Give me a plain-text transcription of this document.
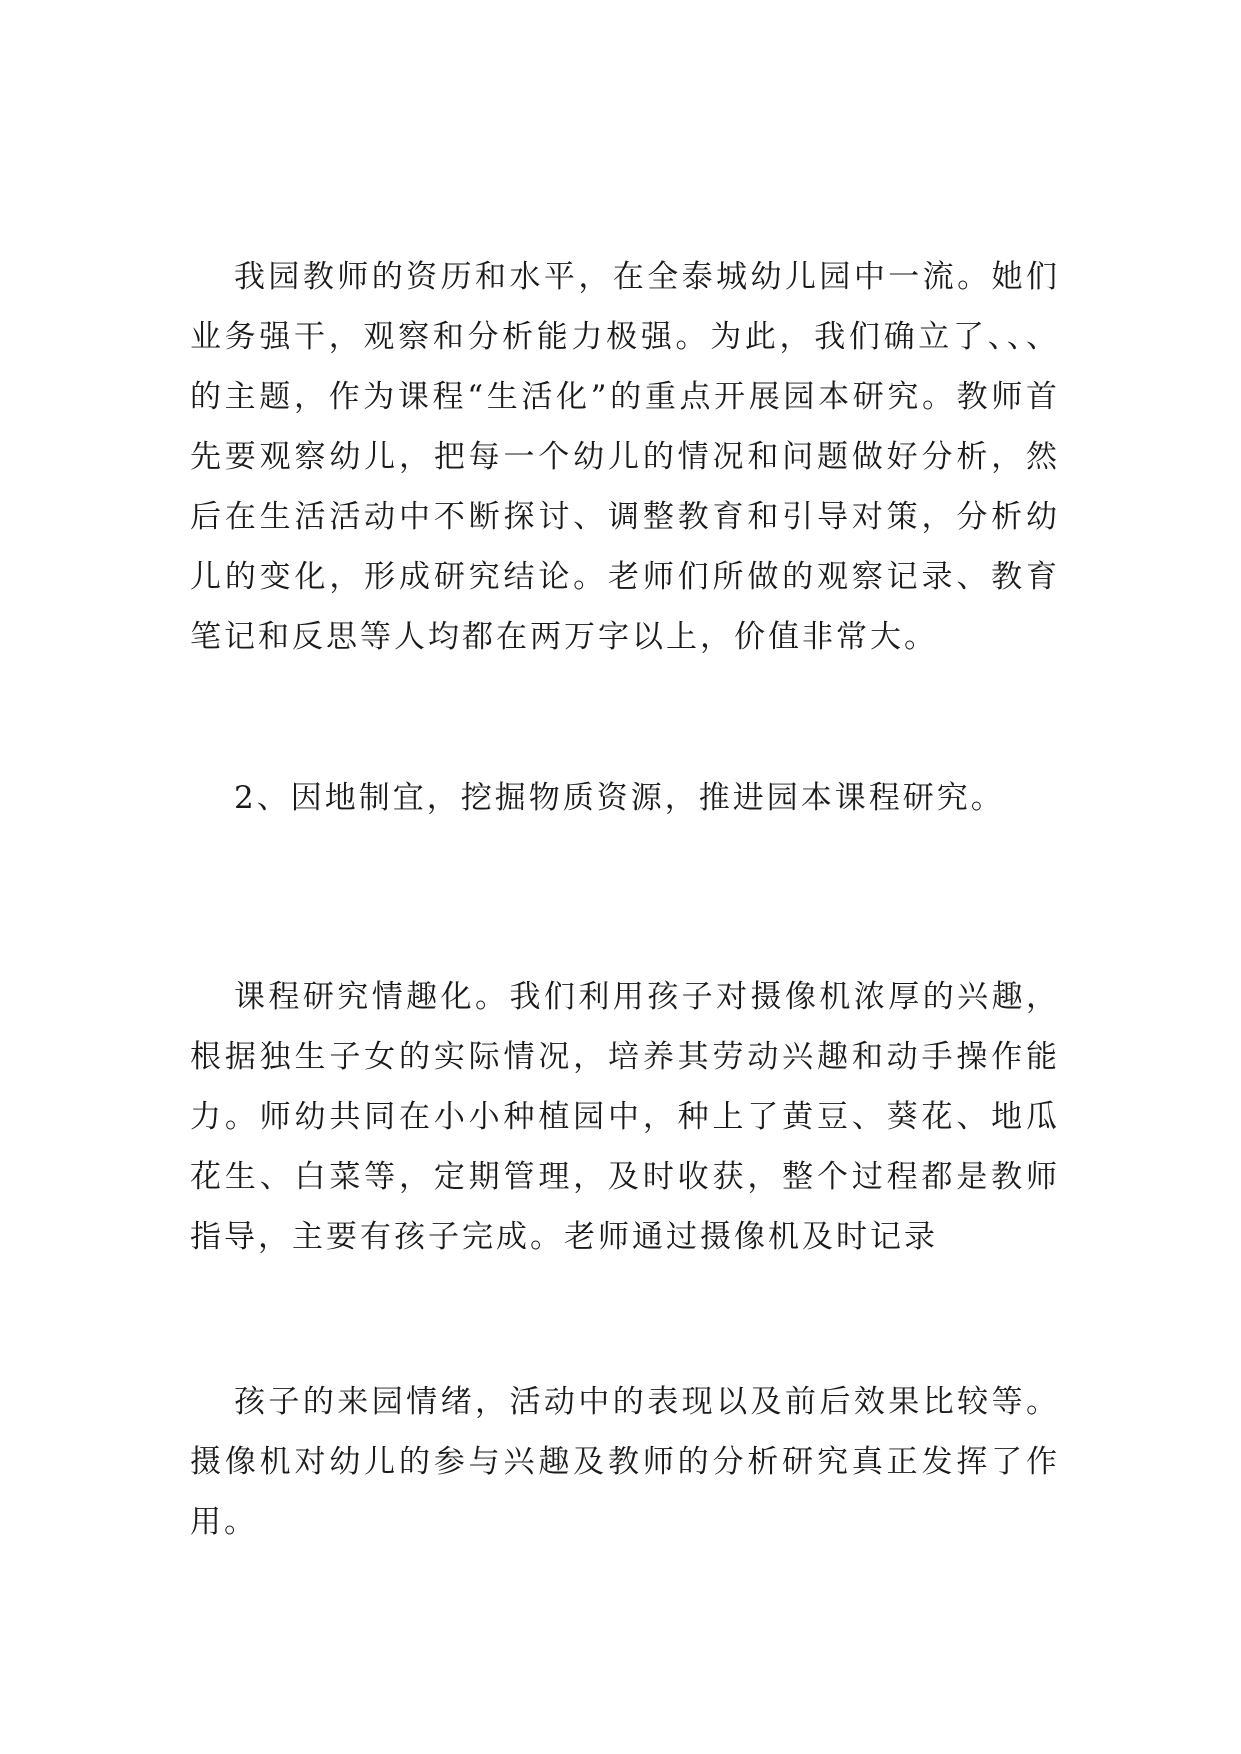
我园教师的资历和水平，在全泰城幼儿园中一流。她们业务强干，观察和分析能力极强。为此，我们确立了、、、的主题，作为课程“生活化”的重点开展园本研究。教师首先要观察幼儿，把每一个幼儿的情况和问题做好分析，然后在生活活动中不断探讨、调整教育和引导对策，分析幼儿的变化，形成研究结论。老师们所做的观察记录、教育笔记和反思等人均都在两万字以上，价值非常大。

2、因地制宜，挖掘物质资源，推进园本课程研究。

课程研究情趣化。我们利用孩子对摄像机浓厚的兴趣，根据独生子女的实际情况，培养其劳动兴趣和动手操作能力。师幼共同在小小种植园中，种上了黄豆、葵花、地瓜花生、白菜等，定期管理，及时收获，整个过程都是教师指导，主要有孩子完成。老师通过摄像机及时记录

孩子的来园情绪，活动中的表现以及前后效果比较等。摄像机对幼儿的参与兴趣及教师的分析研究真正发挥了作用。
